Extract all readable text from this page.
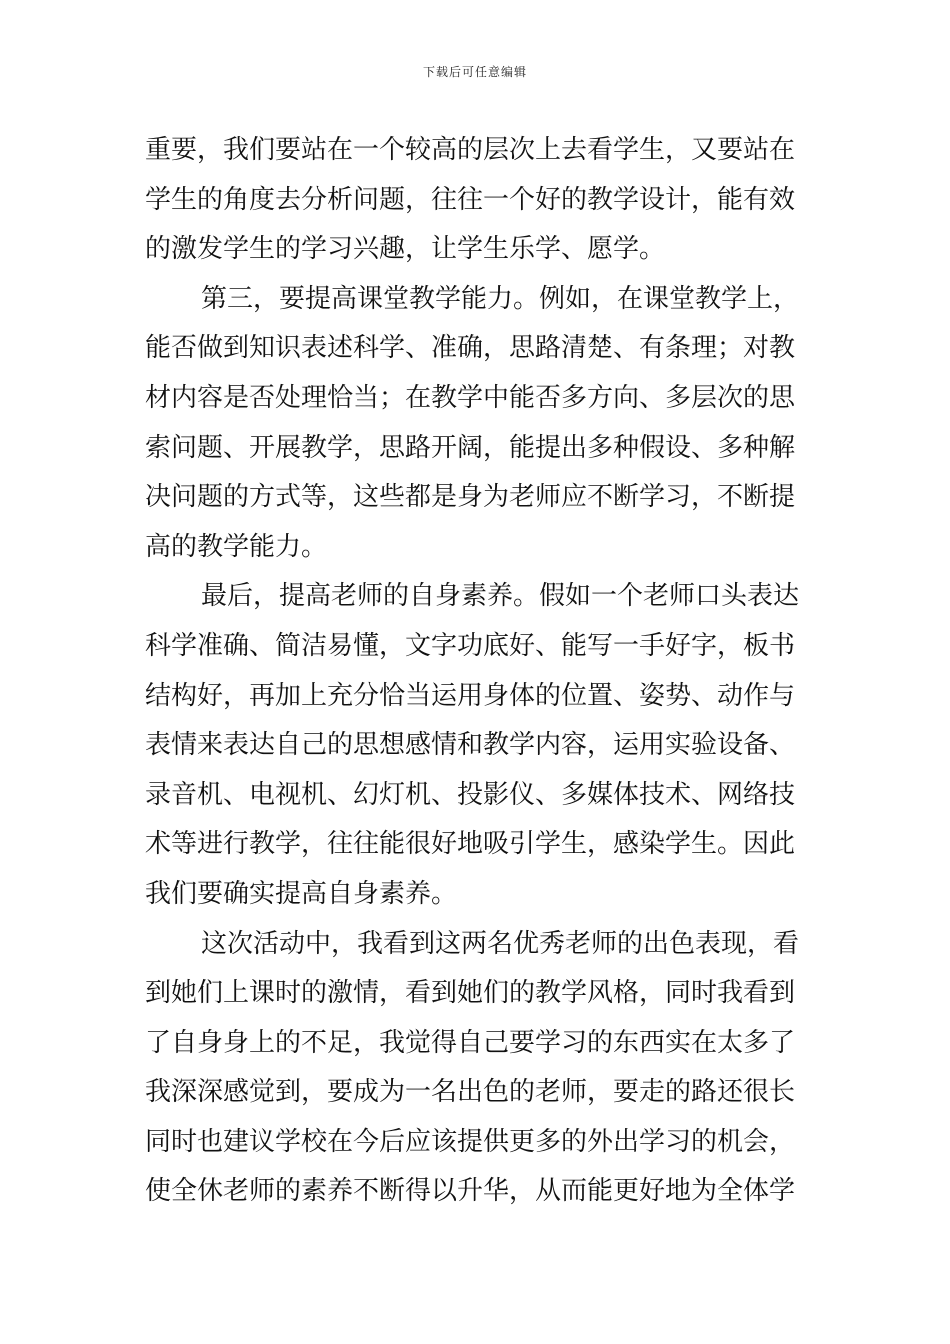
下载后可任意编辑
重要，我们要站在一个较高的层次上去看学生，又要站在
学生的角度去分析问题，往往一个好的教学设计，能有效
的激发学生的学习兴趣，让学生乐学、愿学。
第三，要提高课堂教学能力。例如，在课堂教学上，
能否做到知识表述科学、准确，思路清楚、有条理；对教
材内容是否处理恰当；在教学中能否多方向、多层次的思
索问题、开展教学，思路开阔，能提出多种假设、多种解
决问题的方式等，这些都是身为老师应不断学习，不断提
高的教学能力。
最后，提高老师的自身素养。假如一个老师口头表达
科学准确、简洁易懂，文字功底好、能写一手好字，板书
结构好，再加上充分恰当运用身体的位置、姿势、动作与
表情来表达自己的思想感情和教学内容，运用实验设备、
录音机、电视机、幻灯机、投影仪、多媒体技术、网络技
术等进行教学，往往能很好地吸引学生，感染学生。因此
我们要确实提高自身素养。
这次活动中，我看到这两名优秀老师的出色表现，看
到她们上课时的激情，看到她们的教学风格，同时我看到
了自身身上的不足，我觉得自己要学习的东西实在太多了
我深深感觉到，要成为一名出色的老师，要走的路还很长
同时也建议学校在今后应该提供更多的外出学习的机会，
使全休老师的素养不断得以升华，从而能更好地为全体学
